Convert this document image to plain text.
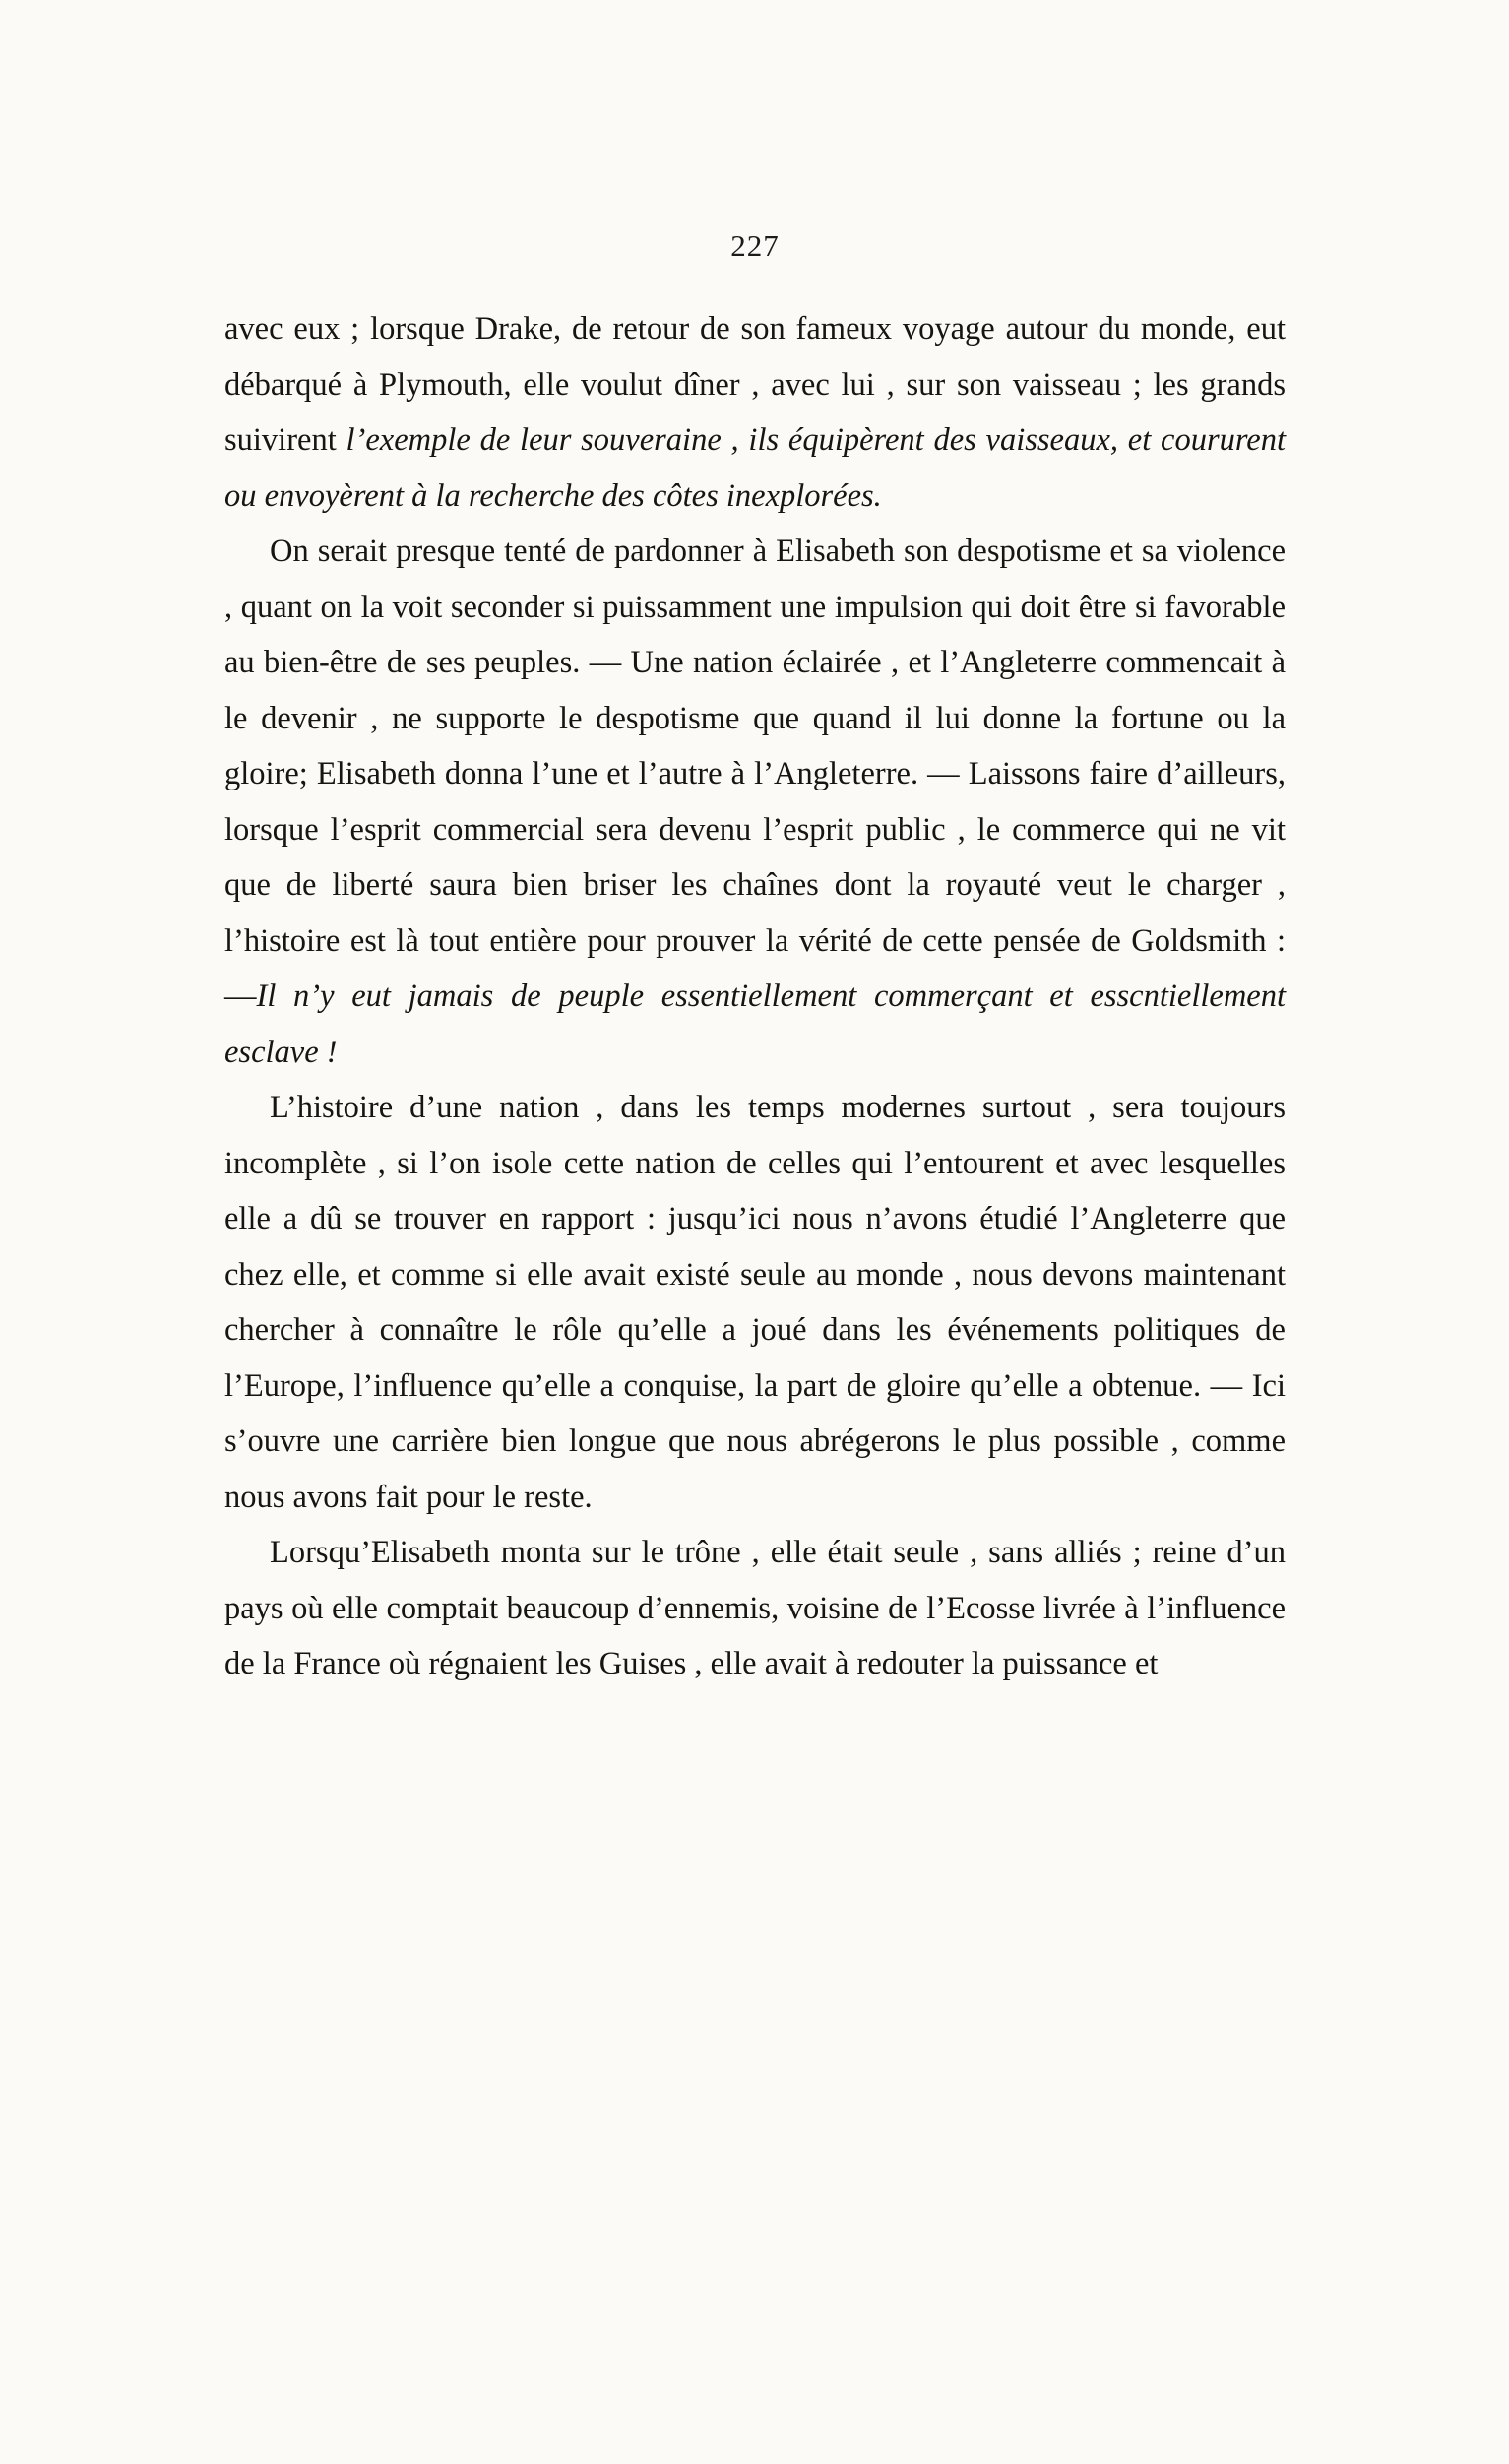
227

avec eux ; lorsque Drake, de retour de son fameux voyage autour du monde, eut débarqué à Plymouth, elle voulut dîner , avec lui , sur son vaisseau ; les grands suivirent l’exemple de leur souveraine , ils équipèrent des vaisseaux, et coururent ou envoyèrent à la recherche des côtes inexplorées.

On serait presque tenté de pardonner à Elisabeth son despotisme et sa violence , quant on la voit seconder si puissamment une impulsion qui doit être si favorable au bien-être de ses peuples. — Une nation éclairée , et l’Angleterre commencait à le devenir , ne supporte le despotisme que quand il lui donne la fortune ou la gloire; Elisabeth donna l’une et l’autre à l’Angleterre. — Laissons faire d’ailleurs, lorsque l’esprit commercial sera devenu l’esprit public , le commerce qui ne vit que de liberté saura bien briser les chaînes dont la royauté veut le charger , l’histoire est là tout entière pour prouver la vérité de cette pensée de Goldsmith : —Il n’y eut jamais de peuple essentiellement commerçant et esscntiellement esclave !

L’histoire d’une nation , dans les temps modernes surtout , sera toujours incomplète , si l’on isole cette nation de celles qui l’entourent et avec lesquelles elle a dû se trouver en rapport : jusqu’ici nous n’avons étudié l’Angleterre que chez elle, et comme si elle avait existé seule au monde , nous devons maintenant chercher à connaître le rôle qu’elle a joué dans les événements politiques de l’Europe, l’influence qu’elle a conquise, la part de gloire qu’elle a obtenue. — Ici s’ouvre une carrière bien longue que nous abrégerons le plus possible , comme nous avons fait pour le reste.

Lorsqu’Elisabeth monta sur le trône , elle était seule , sans alliés ; reine d’un pays où elle comptait beaucoup d’ennemis, voisine de l’Ecosse livrée à l’influence de la France où régnaient les Guises , elle avait à redouter la puissance et
